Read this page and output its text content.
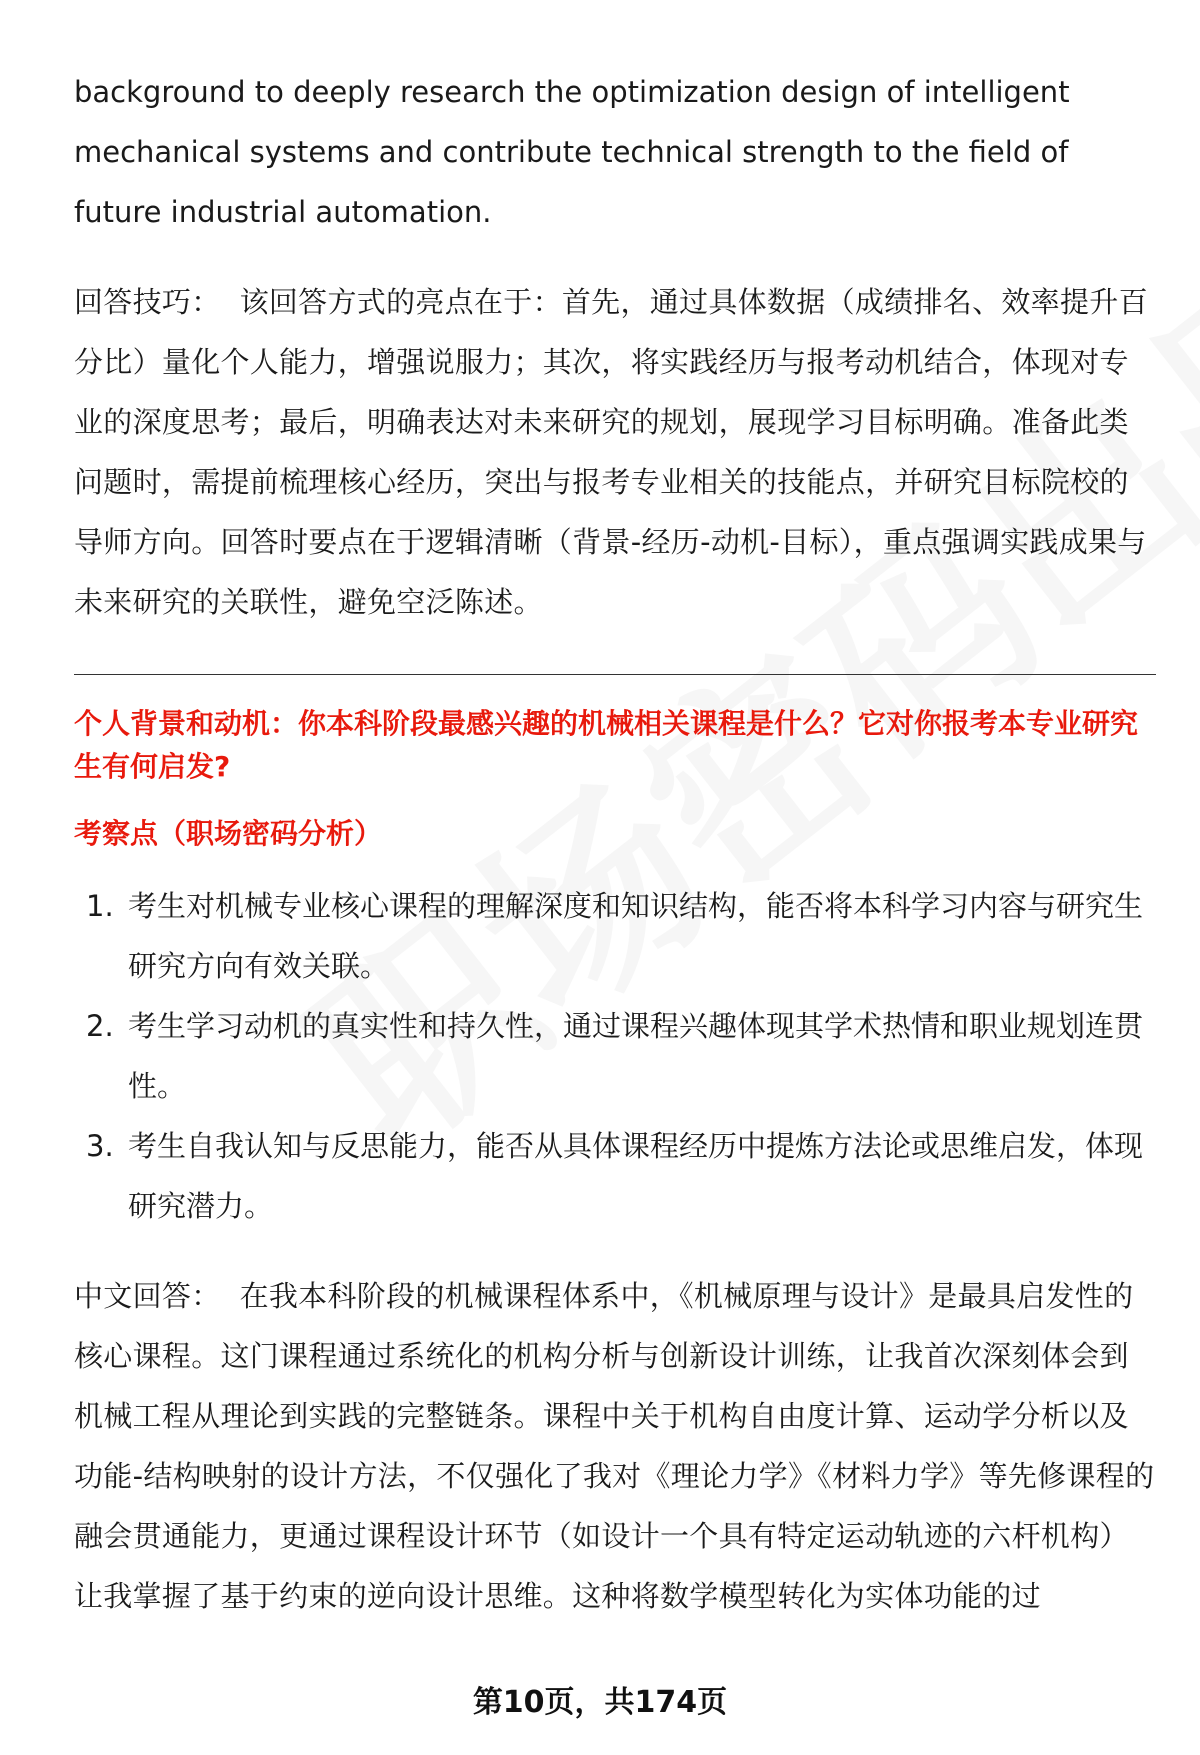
background to deeply research the optimization design of intelligent mechanical systems and contribute technical strength to the field of future industrial automation.

回答技巧： 该回答方式的亮点在于：首先，通过具体数据（成绩排名、效率提升百分比）量化个人能力，增强说服力；其次，将实践经历与报考动机结合，体现对专业的深度思考；最后，明确表达对未来研究的规划，展现学习目标明确。准备此类问题时，需提前梳理核心经历，突出与报考专业相关的技能点，并研究目标院校的导师方向。回答时要点在于逻辑清晰（背景-经历-动机-目标），重点强调实践成果与未来研究的关联性，避免空泛陈述。

个人背景和动机：你本科阶段最感兴趣的机械相关课程是什么？它对你报考本专业研究生有何启发?

考察点（职场密码分析）

1. 考生对机械专业核心课程的理解深度和知识结构，能否将本科学习内容与研究生研究方向有效关联。
2. 考生学习动机的真实性和持久性，通过课程兴趣体现其学术热情和职业规划连贯性。
3. 考生自我认知与反思能力，能否从具体课程经历中提炼方法论或思维启发，体现研究潜力。

中文回答： 在我本科阶段的机械课程体系中，《机械原理与设计》是最具启发性的核心课程。这门课程通过系统化的机构分析与创新设计训练，让我首次深刻体会到机械工程从理论到实践的完整链条。课程中关于机构自由度计算、运动学分析以及功能-结构映射的设计方法，不仅强化了我对《理论力学》《材料力学》等先修课程的融会贯通能力，更通过课程设计环节（如设计一个具有特定运动轨迹的六杆机构）让我掌握了基于约束的逆向设计思维。这种将数学模型转化为实体功能的过

第10页，共174页
